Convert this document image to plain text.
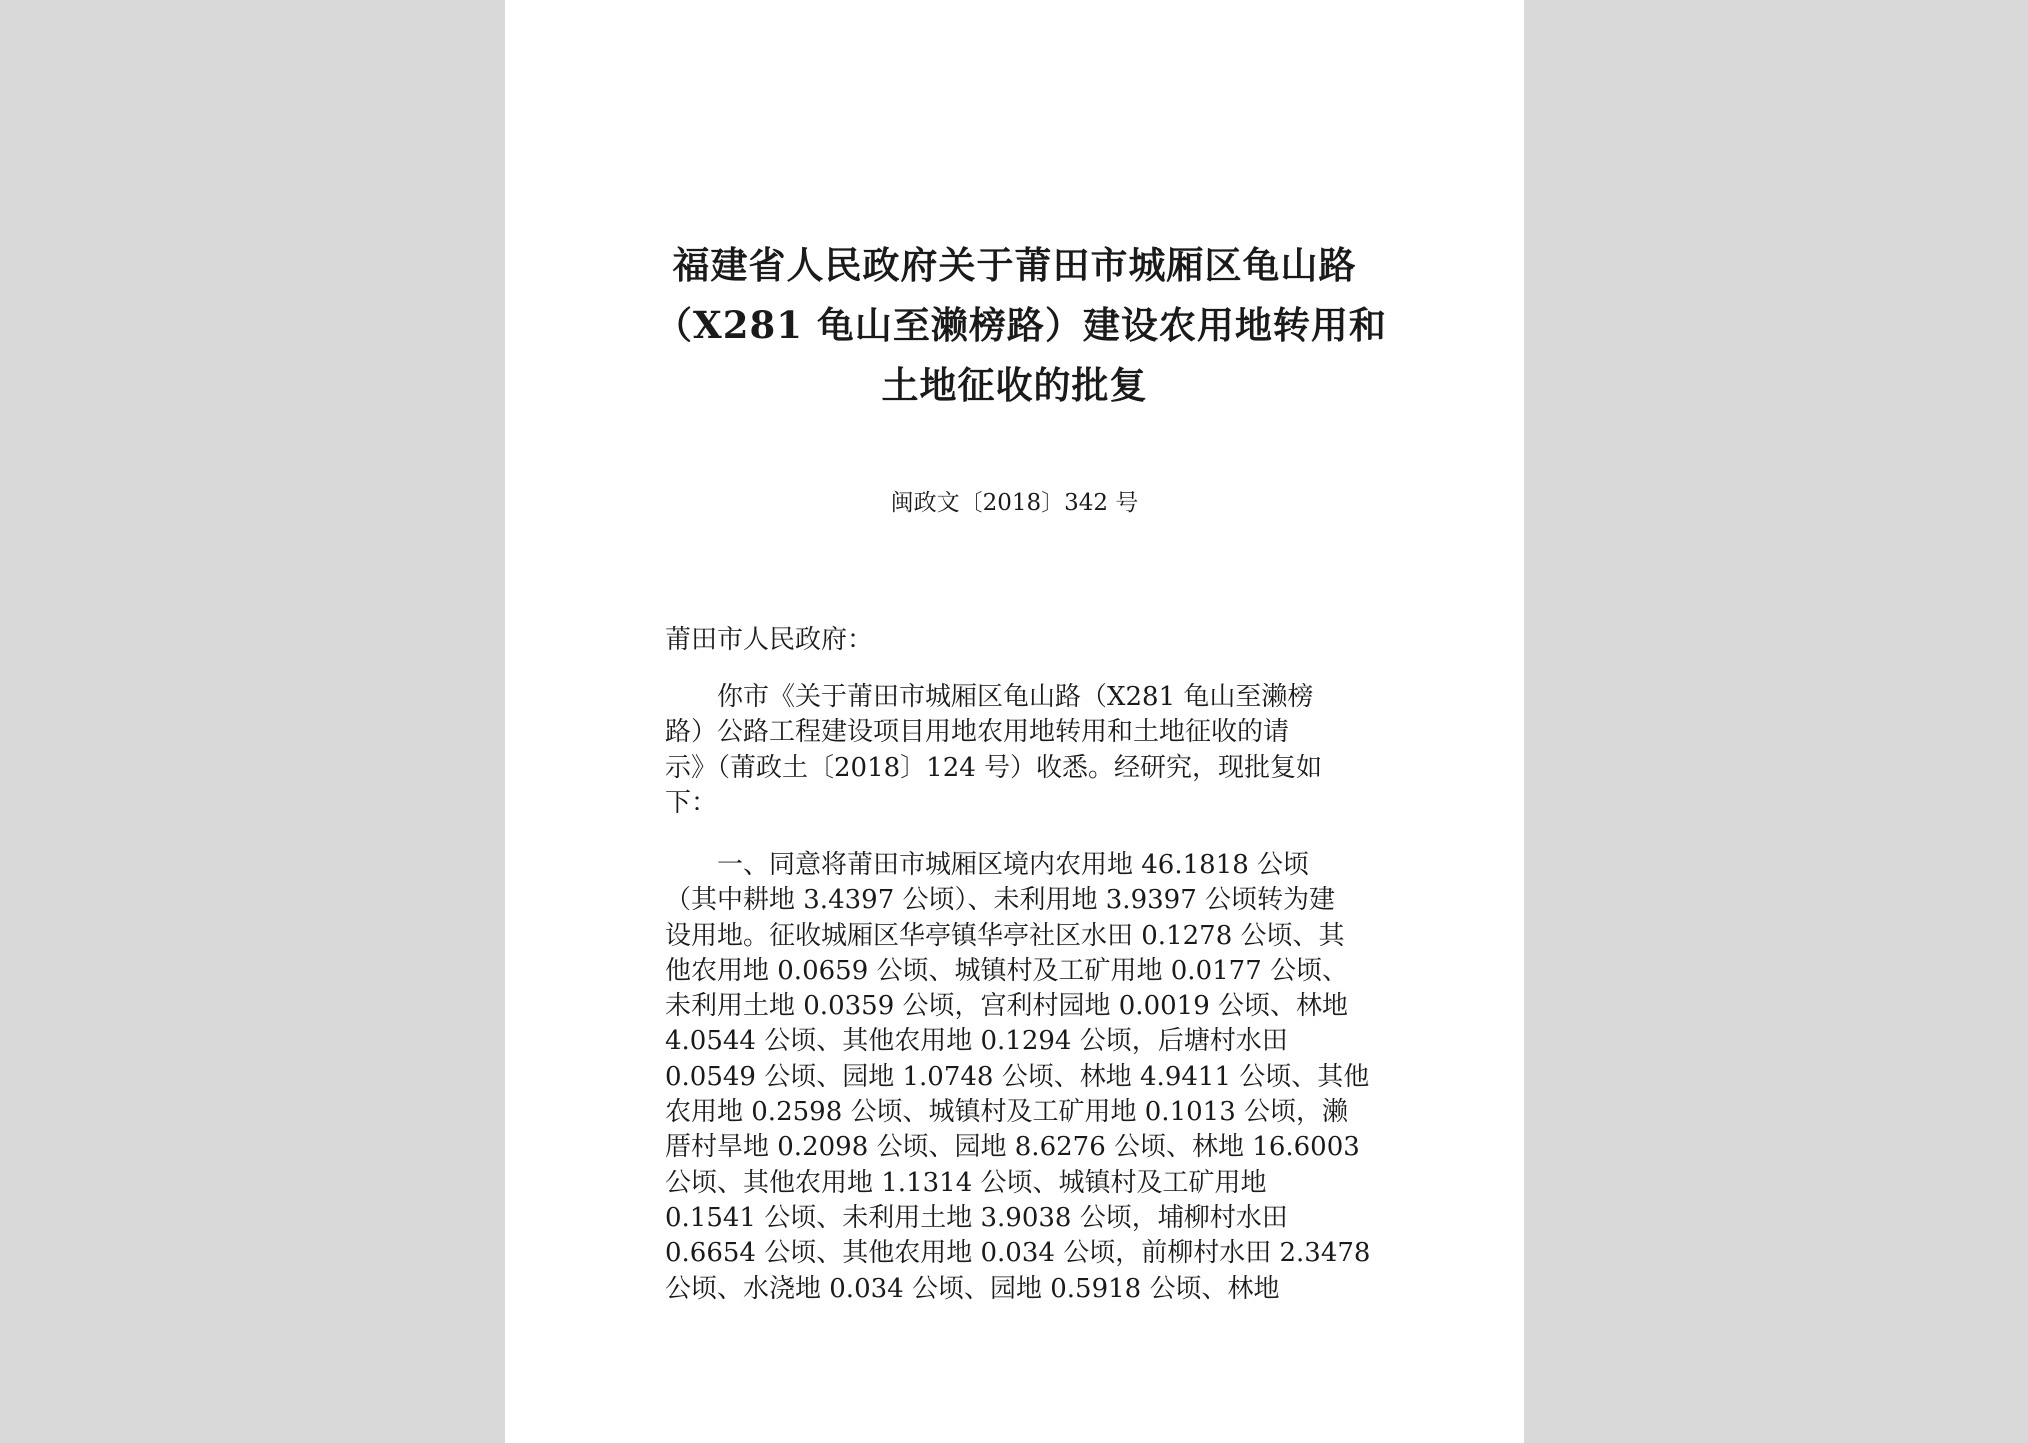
福建省人民政府关于莆田市城厢区龟山路
（X281 龟山至濑榜路）建设农用地转用和
土地征收的批复
闽政文〔2018〕342 号
莆田市人民政府：
　　你市《关于莆田市城厢区龟山路（X281 龟山至濑榜
路）公路工程建设项目用地农用地转用和土地征收的请
示》（莆政土〔2018〕124 号）收悉。经研究，现批复如
下：
　　一、同意将莆田市城厢区境内农用地 46.1818 公顷
（其中耕地 3.4397 公顷）、未利用地 3.9397 公顷转为建
设用地。征收城厢区华亭镇华亭社区水田 0.1278 公顷、其
他农用地 0.0659 公顷、城镇村及工矿用地 0.0177 公顷、
未利用土地 0.0359 公顷，宫利村园地 0.0019 公顷、林地
4.0544 公顷、其他农用地 0.1294 公顷，后塘村水田
0.0549 公顷、园地 1.0748 公顷、林地 4.9411 公顷、其他
农用地 0.2598 公顷、城镇村及工矿用地 0.1013 公顷，濑
厝村旱地 0.2098 公顷、园地 8.6276 公顷、林地 16.6003
公顷、其他农用地 1.1314 公顷、城镇村及工矿用地
0.1541 公顷、未利用土地 3.9038 公顷，埔柳村水田
0.6654 公顷、其他农用地 0.034 公顷，前柳村水田 2.3478
公顷、水浇地 0.034 公顷、园地 0.5918 公顷、林地
